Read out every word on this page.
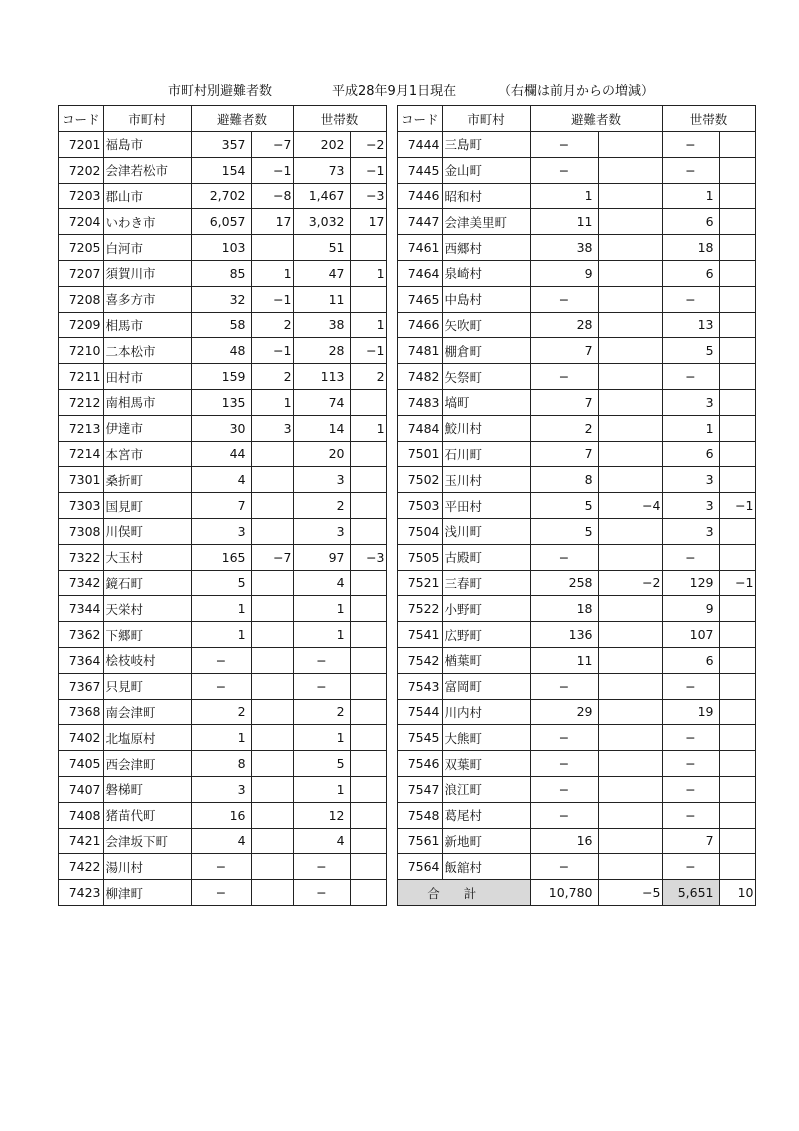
市町村別避難者数	平成28年9月1日現在	（右欄は前月からの増減）
コード	市町村	避難者数		世帯数	
7201	福島市	357	−7	202	−2
7202	会津若松市	154	−1	73	−1
7203	郡山市	2,702	−8	1,467	−3
7204	いわき市	6,057	17	3,032	17
7205	白河市	103		51	
7207	須賀川市	85	1	47	1
7208	喜多方市	32	−1	11	
7209	相馬市	58	2	38	1
7210	二本松市	48	−1	28	−1
7211	田村市	159	2	113	2
7212	南相馬市	135	1	74	
7213	伊達市	30	3	14	1
7214	本宮市	44		20	
7301	桑折町	4		3	
7303	国見町	7		2	
7308	川俣町	3		3	
7322	大玉村	165	−7	97	−3
7342	鏡石町	5		4	
7344	天栄村	1		1	
7362	下郷町	1		1	
7364	桧枝岐村	−		−	
7367	只見町	−		−	
7368	南会津町	2		2	
7402	北塩原村	1		1	
7405	西会津町	8		5	
7407	磐梯町	3		1	
7408	猪苗代町	16		12	
7421	会津坂下町	4		4	
7422	湯川村	−		−	
7423	柳津町	−		−	
コード	市町村	避難者数		世帯数	
7444	三島町	−		−	
7445	金山町	−		−	
7446	昭和村	1		1	
7447	会津美里町	11		6	
7461	西郷村	38		18	
7464	泉崎村	9		6	
7465	中島村	−		−	
7466	矢吹町	28		13	
7481	棚倉町	7		5	
7482	矢祭町	−		−	
7483	塙町	7		3	
7484	鮫川村	2		1	
7501	石川町	7		6	
7502	玉川村	8		3	
7503	平田村	5	−4	3	−1
7504	浅川町	5		3	
7505	古殿町	−		−	
7521	三春町	258	−2	129	−1
7522	小野町	18		9	
7541	広野町	136		107	
7542	楢葉町	11		6	
7543	富岡町	−		−	
7544	川内村	29		19	
7545	大熊町	−		−	
7546	双葉町	−		−	
7547	浪江町	−		−	
7548	葛尾村	−		−	
7561	新地町	16		7	
7564	飯舘村	−		−	
合計		10,780	−5	5,651	10
